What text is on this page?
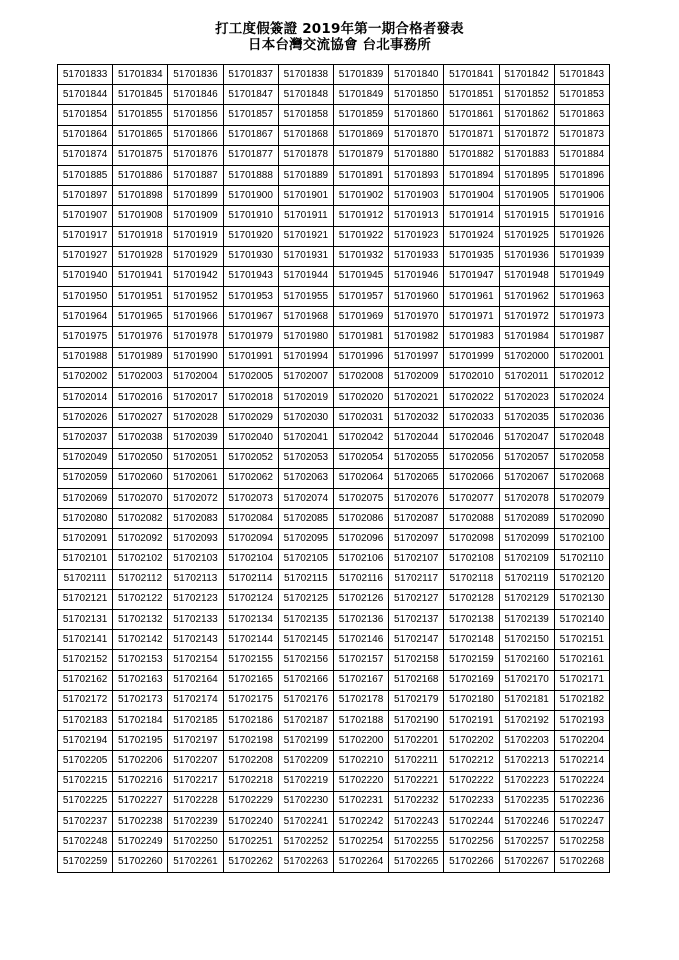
打工度假簽證 2019年第一期合格者發表
日本台灣交流協會 台北事務所
51701833	51701834	51701836	51701837	51701838	51701839	51701840	51701841	51701842	51701843
51701844	51701845	51701846	51701847	51701848	51701849	51701850	51701851	51701852	51701853
51701854	51701855	51701856	51701857	51701858	51701859	51701860	51701861	51701862	51701863
51701864	51701865	51701866	51701867	51701868	51701869	51701870	51701871	51701872	51701873
51701874	51701875	51701876	51701877	51701878	51701879	51701880	51701882	51701883	51701884
51701885	51701886	51701887	51701888	51701889	51701891	51701893	51701894	51701895	51701896
51701897	51701898	51701899	51701900	51701901	51701902	51701903	51701904	51701905	51701906
51701907	51701908	51701909	51701910	51701911	51701912	51701913	51701914	51701915	51701916
51701917	51701918	51701919	51701920	51701921	51701922	51701923	51701924	51701925	51701926
51701927	51701928	51701929	51701930	51701931	51701932	51701933	51701935	51701936	51701939
51701940	51701941	51701942	51701943	51701944	51701945	51701946	51701947	51701948	51701949
51701950	51701951	51701952	51701953	51701955	51701957	51701960	51701961	51701962	51701963
51701964	51701965	51701966	51701967	51701968	51701969	51701970	51701971	51701972	51701973
51701975	51701976	51701978	51701979	51701980	51701981	51701982	51701983	51701984	51701987
51701988	51701989	51701990	51701991	51701994	51701996	51701997	51701999	51702000	51702001
51702002	51702003	51702004	51702005	51702007	51702008	51702009	51702010	51702011	51702012
51702014	51702016	51702017	51702018	51702019	51702020	51702021	51702022	51702023	51702024
51702026	51702027	51702028	51702029	51702030	51702031	51702032	51702033	51702035	51702036
51702037	51702038	51702039	51702040	51702041	51702042	51702044	51702046	51702047	51702048
51702049	51702050	51702051	51702052	51702053	51702054	51702055	51702056	51702057	51702058
51702059	51702060	51702061	51702062	51702063	51702064	51702065	51702066	51702067	51702068
51702069	51702070	51702072	51702073	51702074	51702075	51702076	51702077	51702078	51702079
51702080	51702082	51702083	51702084	51702085	51702086	51702087	51702088	51702089	51702090
51702091	51702092	51702093	51702094	51702095	51702096	51702097	51702098	51702099	51702100
51702101	51702102	51702103	51702104	51702105	51702106	51702107	51702108	51702109	51702110
51702111	51702112	51702113	51702114	51702115	51702116	51702117	51702118	51702119	51702120
51702121	51702122	51702123	51702124	51702125	51702126	51702127	51702128	51702129	51702130
51702131	51702132	51702133	51702134	51702135	51702136	51702137	51702138	51702139	51702140
51702141	51702142	51702143	51702144	51702145	51702146	51702147	51702148	51702150	51702151
51702152	51702153	51702154	51702155	51702156	51702157	51702158	51702159	51702160	51702161
51702162	51702163	51702164	51702165	51702166	51702167	51702168	51702169	51702170	51702171
51702172	51702173	51702174	51702175	51702176	51702178	51702179	51702180	51702181	51702182
51702183	51702184	51702185	51702186	51702187	51702188	51702190	51702191	51702192	51702193
51702194	51702195	51702197	51702198	51702199	51702200	51702201	51702202	51702203	51702204
51702205	51702206	51702207	51702208	51702209	51702210	51702211	51702212	51702213	51702214
51702215	51702216	51702217	51702218	51702219	51702220	51702221	51702222	51702223	51702224
51702225	51702227	51702228	51702229	51702230	51702231	51702232	51702233	51702235	51702236
51702237	51702238	51702239	51702240	51702241	51702242	51702243	51702244	51702246	51702247
51702248	51702249	51702250	51702251	51702252	51702254	51702255	51702256	51702257	51702258
51702259	51702260	51702261	51702262	51702263	51702264	51702265	51702266	51702267	51702268
